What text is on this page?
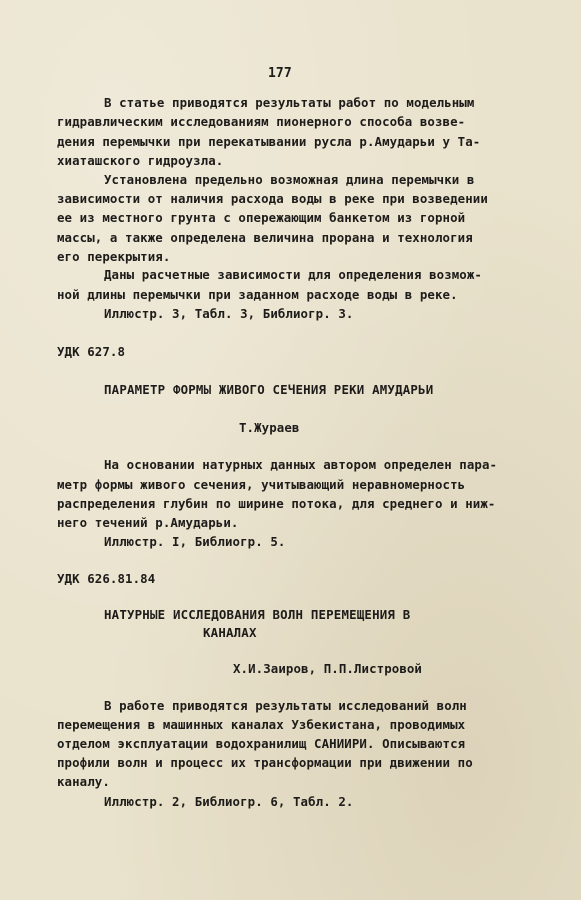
177
В статье приводятся результаты работ по модельным
гидравлическим исследованиям пионерного способа возве-
дения перемычки при перекатывании русла р.Амударьи у Та-
хиаташского гидроузла.
Установлена предельно возможная длина перемычки в
зависимости от наличия расхода воды в реке при возведении
ее из местного грунта с опережающим банкетом из горной
массы, а также определена величина прорана и технология
его перекрытия.
Даны расчетные зависимости для определения возмож-
ной длины перемычки при заданном расходе воды в реке.
Иллюстр. 3, Табл. 3, Библиогр. 3.
УДК 627.8
ПАРАМЕТР ФОРМЫ ЖИВОГО СЕЧЕНИЯ РЕКИ АМУДАРЬИ
Т.Жураев
На основании натурных данных автором определен пара-
метр формы живого сечения, учитывающий неравномерность
распределения глубин по ширине потока, для среднего и ниж-
него течений р.Амударьи.
Иллюстр. I, Библиогр. 5.
УДК 626.81.84
НАТУРНЫЕ ИССЛЕДОВАНИЯ ВОЛН ПЕРЕМЕЩЕНИЯ В
КАНАЛАХ
Х.И.Заиров, П.П.Листровой
В работе приводятся результаты исследований волн
перемещения в машинных каналах Узбекистана, проводимых
отделом эксплуатации водохранилищ САНИИРИ. Описываются
профили волн и процесс их трансформации при движении по
каналу.
Иллюстр. 2, Библиогр. 6, Табл. 2.
